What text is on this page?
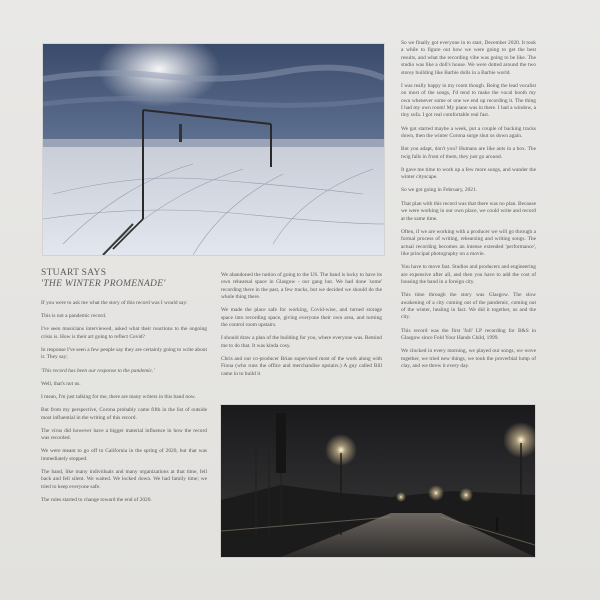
STUART SAYS
'THE WINTER PROMENADE'

If you were to ask me what the story of this record was I would say:

This is not a pandemic record.

I've seen musicians interviewed, asked what their reactions to the ongoing crisis is. How is their art going to reflect Covid?

In response I've seen a few people say they are certainly going to write about it. They say;

'This record has been our response to the pandemic.'

Well, that's not us.

I mean, I'm just talking for me, there are many writers in this band now.

But from my perspective, Corona probably came fifth in the list of outside most influential in the writing of this record.

The virus did however have a bigger material influence in how the record was recorded.

We were meant to go off to California in the spring of 2020, but that was immediately stopped.

The band, like many individuals and many organizations at that time, fell back and fell silent. We waited. We locked down. We had family time; we tried to keep everyone safe.

The rules started to change toward the end of 2020.

We abandoned the notion of going to the US. The band is lucky to have its own rehearsal space in Glasgow - our gang hut. We had done 'some' recording there in the past, a few tracks, but we decided we should do the whole thing there.

We made the place safe for working, Covid-wise, and turned storage space into recording space, giving everyone their own area, and turning the control room upstairs.

I should draw a plan of the building for you, where everyone was. Remind me to do that. It was kinda cosy.

Chris and our co-producer Brian supervised most of the work along with Fiona (who runs the office and merchandise upstairs.) A guy called Bill came in to build it

So we finally got everyone in to start, December 2020. It took a while to figure out how we were going to get the best results, and what the recording vibe was going to be like. The studio was like a doll's house. We were dotted around the two storey building like Barbie dolls in a Barbie world.

I was really happy in my room though. Being the lead vocalist on most of the songs, I'd tend to make the vocal booth my own whenever some or one we end up recording it. The thing I had my own room! My piano was in there. I had a window, a tiny sofa. I got real comfortable real fast.

We got started maybe a week, put a couple of backing tracks down, then the winter Corona surge shut us down again.

But you adapt, don't you? Humans are like ants in a box. The twig falls in front of them, they just go around.

It gave me time to work up a few more songs, and wander the winter cityscape.

So we got going in February, 2021.

That plan with this record was that there was no plan. Because we were working in our own place, we could write and record at the same time.

Often, if we are working with a producer we will go through a formal process of writing, rehearsing and writing songs. The actual recording becomes an intense extended 'performance', like principal photography on a movie.

You have to move fast. Studios and producers and engineering are expensive after all, and then you have to add the cost of housing the band in a foreign city.

This time through the story was Glasgow. The slow awakening of a city coming out of the pandemic, coming out of the winter, healing in fact. We did it together, us and the city.

This record was the first 'full' LP recording for B&S in Glasgow since Fold Your Hands Child, 1999.

We clocked in every morning, we played our songs, we wove together, we tried new things, we took the proverbial lump of clay, and we threw it every day.
